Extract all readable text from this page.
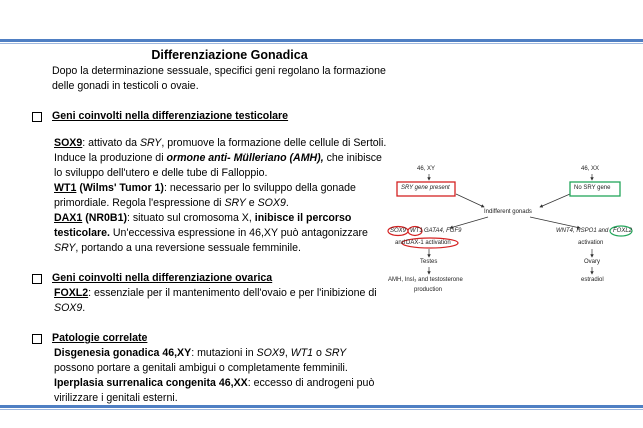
Differenziazione Gonadica

Dopo la determinazione sessuale, specifici geni regolano la formazione delle gonadi in testicoli o ovaie.

Geni coinvolti nella differenziazione testicolare

SOX9: attivato da SRY, promuove la formazione delle cellule di Sertoli. Induce la produzione di ormone anti- Mülleriano (AMH), che inibisce lo sviluppo dell'utero e delle tube di Falloppio.

WT1 (Wilms' Tumor 1): necessario per lo sviluppo della gonade primordiale. Regola l'espressione di SRY e SOX9.

DAX1 (NR0B1): situato sul cromosoma X, inibisce il percorso testicolare. Un'eccessiva espressione in 46,XY può antagonizzare SRY, portando a una reversione sessuale femminile.

Geni coinvolti nella differenziazione ovarica

FOXL2: essenziale per il mantenimento dell'ovaio e per l'inibizione di SOX9.

Patologie correlate

Disgenesia gonadica 46,XY: mutazioni in SOX9, WT1 o SRY possono portare a genitali ambigui o completamente femminili.

Iperplasia surrenalica congenita 46,XX: eccesso di androgeni può virilizzare i genitali esterni.

46, XY	46, XX
SRY gene present	No SRY gene
Indifferent gonads
SOX9 WT1 GATA4, FGF9
and DAX-1 activation
WNT4, RSPO1 and FOXL2
activation
Testes	Ovary
AMH, Insl₃ and testosterone
production
estradiol
